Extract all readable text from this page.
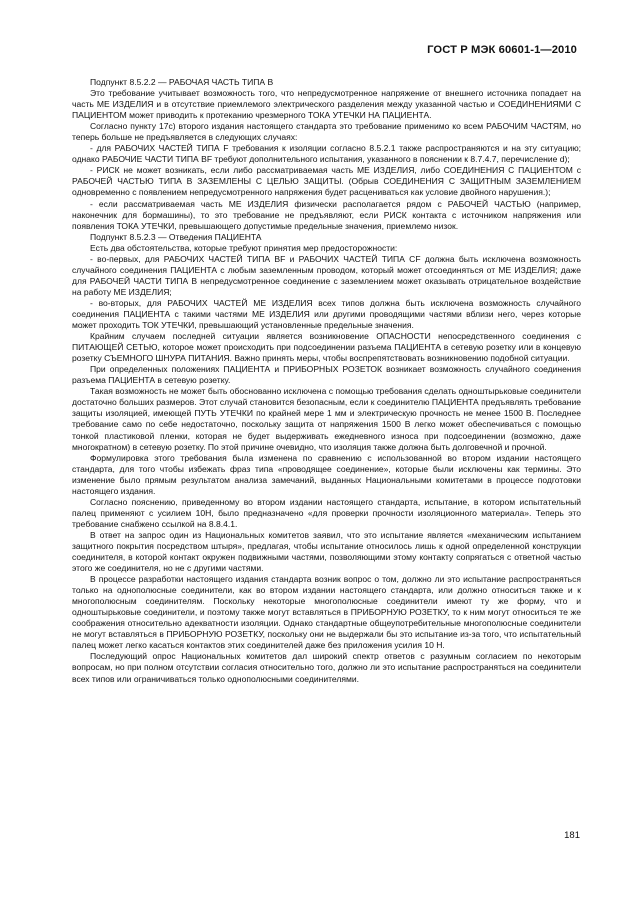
ГОСТ Р МЭК 60601-1—2010

Подпункт 8.5.2.2 — РАБОЧАЯ ЧАСТЬ ТИПА B

Это требование учитывает возможность того, что непредусмотренное напряжение от внешнего источника попадает на часть МЕ ИЗДЕЛИЯ и в отсутствие приемлемого электрического разделения между указанной частью и СОЕДИНЕНИЯМИ С ПАЦИЕНТОМ может приводить к протеканию чрезмерного ТОКА УТЕЧКИ НА ПАЦИЕНТА.

Согласно пункту 17с) второго издания настоящего стандарта это требование применимо ко всем РАБОЧИМ ЧАСТЯМ, но теперь больше не предъявляется в следующих случаях:

- для РАБОЧИХ ЧАСТЕЙ ТИПА F требования к изоляции согласно 8.5.2.1 также распространяются и на эту ситуацию; однако РАБОЧИЕ ЧАСТИ ТИПА BF требуют дополнительного испытания, указанного в пояснении к 8.7.4.7, перечисление d);

- РИСК не может возникать, если либо рассматриваемая часть МЕ ИЗДЕЛИЯ, либо СОЕДИНЕНИЯ С ПАЦИЕНТОМ с РАБОЧЕЙ ЧАСТЬЮ ТИПА В ЗАЗЕМЛЕНЫ С ЦЕЛЬЮ ЗАЩИТЫ. (Обрыв СОЕДИНЕНИЯ С ЗАЩИТНЫМ ЗАЗЕМЛЕНИЕМ одновременно с появлением непредусмотренного напряжения будет расцениваться как условие двойного нарушения.);

- если рассматриваемая часть МЕ ИЗДЕЛИЯ физически располагается рядом с РАБОЧЕЙ ЧАСТЬЮ (например, наконечник для бормашины), то это требование не предъявляют, если РИСК контакта с источником напряжения или появления ТОКА УТЕЧКИ, превышающего допустимые предельные значения, приемлемо низок.

Подпункт 8.5.2.3 — Отведения ПАЦИЕНТА

Есть два обстоятельства, которые требуют принятия мер предосторожности:

- во-первых, для РАБОЧИХ ЧАСТЕЙ ТИПА BF и РАБОЧИХ ЧАСТЕЙ ТИПА CF должна быть исключена возможность случайного соединения ПАЦИЕНТА с любым заземленным проводом, который может отсоединяться от МЕ ИЗДЕЛИЯ; даже для РАБОЧЕЙ ЧАСТИ ТИПА В непредусмотренное соединение с заземлением может оказывать отрицательное воздействие на работу МЕ ИЗДЕЛИЯ;

- во-вторых, для РАБОЧИХ ЧАСТЕЙ МЕ ИЗДЕЛИЯ всех типов должна быть исключена возможность случайного соединения ПАЦИЕНТА с такими частями МЕ ИЗДЕЛИЯ или другими проводящими частями вблизи него, через которые может проходить ТОК УТЕЧКИ, превышающий установленные предельные значения.

Крайним случаем последней ситуации является возникновение ОПАСНОСТИ непосредственного соединения с ПИТАЮЩЕЙ СЕТЬЮ, которое может происходить при подсоединении разъема ПАЦИЕНТА в сетевую розетку или в концевую розетку СЪЕМНОГО ШНУРА ПИТАНИЯ. Важно принять меры, чтобы воспрепятствовать возникновению подобной ситуации.

При определенных положениях ПАЦИЕНТА и ПРИБОРНЫХ РОЗЕТОК возникает возможность случайного соединения разъема ПАЦИЕНТА в сетевую розетку.

Такая возможность не может быть обоснованно исключена с помощью требования сделать одноштырьковые соединители достаточно больших размеров. Этот случай становится безопасным, если к соединителю ПАЦИЕНТА предъявлять требование защиты изоляцией, имеющей ПУТЬ УТЕЧКИ по крайней мере 1 мм и электрическую прочность не менее 1500 В. Последнее требование само по себе недостаточно, поскольку защита от напряжения 1500 В легко может обеспечиваться с помощью тонкой пластиковой пленки, которая не будет выдерживать ежедневного износа при подсоединении (возможно, даже многократном) в сетевую розетку. По этой причине очевидно, что изоляция также должна быть долговечной и прочной.

Формулировка этого требования была изменена по сравнению с использованной во втором издании настоящего стандарта, для того чтобы избежать фраз типа «проводящее соединение», которые были исключены как термины. Это изменение было прямым результатом анализа замечаний, выданных Национальными комитетами в процессе подготовки настоящего издания.

Согласно пояснению, приведенному во втором издании настоящего стандарта, испытание, в котором испытательный палец применяют с усилием 10Н, было предназначено «для проверки прочности изоляционного материала». Теперь это требование снабжено ссылкой на 8.8.4.1.

В ответ на запрос один из Национальных комитетов заявил, что это испытание является «механическим испытанием защитного покрытия посредством штыря», предлагая, чтобы испытание относилось лишь к одной определенной конструкции соединителя, в которой контакт окружен подвижными частями, позволяющими этому контакту сопрягаться с ответной частью этого же соединителя, но не с другими частями.

В процессе разработки настоящего издания стандарта возник вопрос о том, должно ли это испытание распространяться только на однополюсные соединители, как во втором издании настоящего стандарта, или должно относиться также и к многополюсным соединителям. Поскольку некоторые многополюсные соединители имеют ту же форму, что и одноштырьковые соединители, и поэтому также могут вставляться в ПРИБОРНУЮ РОЗЕТКУ, то к ним могут относиться те же соображения относительно адекватности изоляции. Однако стандартные общеупотребительные многополюсные соединители не могут вставляться в ПРИБОРНУЮ РОЗЕТКУ, поскольку они не выдержали бы это испытание из-за того, что испытательный палец может легко касаться контактов этих соединителей даже без приложения усилия 10 Н.

Последующий опрос Национальных комитетов дал широкий спектр ответов с разумным согласием по некоторым вопросам, но при полном отсутствии согласия относительно того, должно ли это испытание распространяться на соединители всех типов или ограничиваться только однополюсными соединителями.

181
